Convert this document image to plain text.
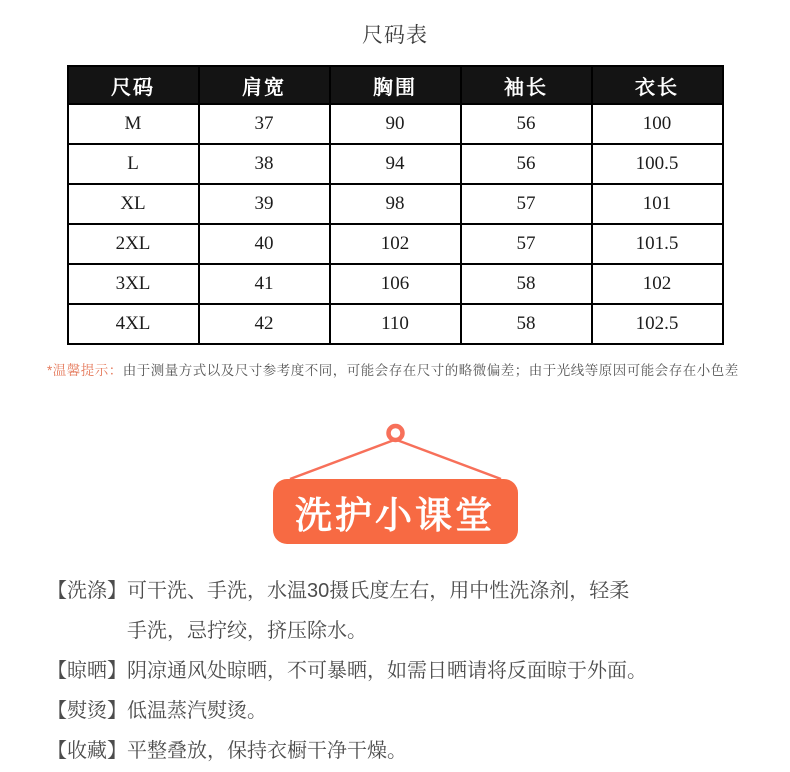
尺码表
尺码	肩宽	胸围	袖长	衣长
M	37	90	56	100
L	38	94	56	100.5
XL	39	98	57	101
2XL	40	102	57	101.5
3XL	41	106	58	102
4XL	42	110	58	102.5

*温馨提示：由于测量方式以及尺寸参考度不同，可能会存在尺寸的略微偏差；由于光线等原因可能会存在小色差

洗护小课堂
【洗涤】 可干洗、手洗，水温30摄氏度左右，用中性洗涤剂，轻柔
手洗，忌拧绞，挤压除水。
【晾晒】 阴凉通风处晾晒，不可暴晒，如需日晒请将反面晾于外面。
【熨烫】 低温蒸汽熨烫。
【收藏】 平整叠放，保持衣橱干净干燥。
